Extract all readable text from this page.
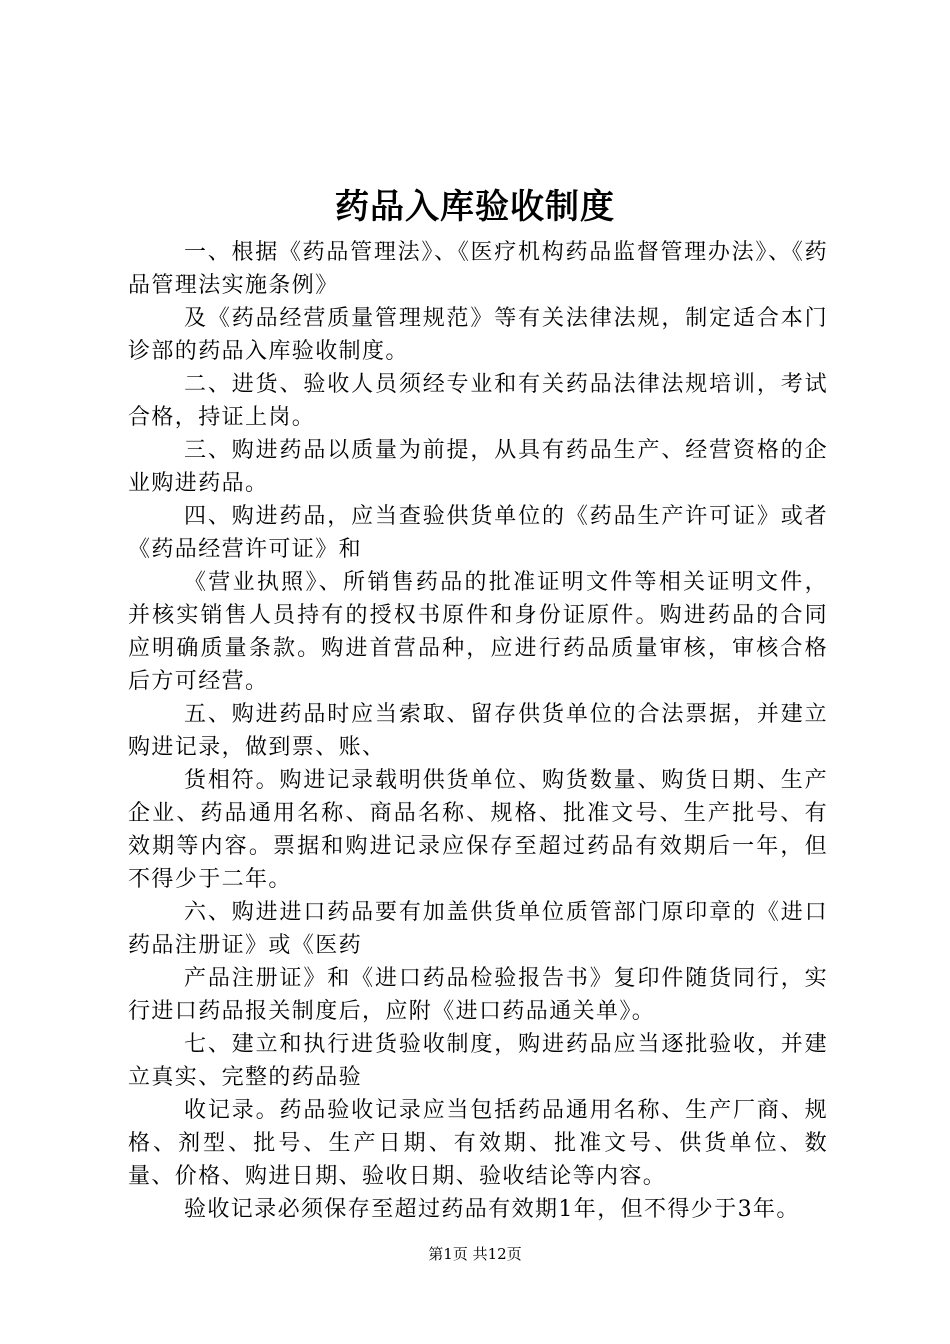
药品入库验收制度

一、根据《药品管理法》、《医疗机构药品监督管理办法》、《药品管理法实施条例》

及《药品经营质量管理规范》等有关法律法规，制定适合本门诊部的药品入库验收制度。

二、进货、验收人员须经专业和有关药品法律法规培训，考试合格，持证上岗。

三、购进药品以质量为前提，从具有药品生产、经营资格的企业购进药品。

四、购进药品，应当查验供货单位的《药品生产许可证》或者《药品经营许可证》和

《营业执照》、所销售药品的批准证明文件等相关证明文件，并核实销售人员持有的授权书原件和身份证原件。购进药品的合同应明确质量条款。购进首营品种，应进行药品质量审核，审核合格后方可经营。

五、购进药品时应当索取、留存供货单位的合法票据，并建立购进记录，做到票、账、

货相符。购进记录载明供货单位、购货数量、购货日期、生产企业、药品通用名称、商品名称、规格、批准文号、生产批号、有效期等内容。票据和购进记录应保存至超过药品有效期后一年，但不得少于二年。

六、购进进口药品要有加盖供货单位质管部门原印章的《进口药品注册证》或《医药

产品注册证》和《进口药品检验报告书》复印件随货同行，实行进口药品报关制度后，应附《进口药品通关单》。

七、建立和执行进货验收制度，购进药品应当逐批验收，并建立真实、完整的药品验

收记录。药品验收记录应当包括药品通用名称、生产厂商、规格、剂型、批号、生产日期、有效期、批准文号、供货单位、数量、价格、购进日期、验收日期、验收结论等内容。

验收记录必须保存至超过药品有效期1年，但不得少于3年。

第1页 共12页
